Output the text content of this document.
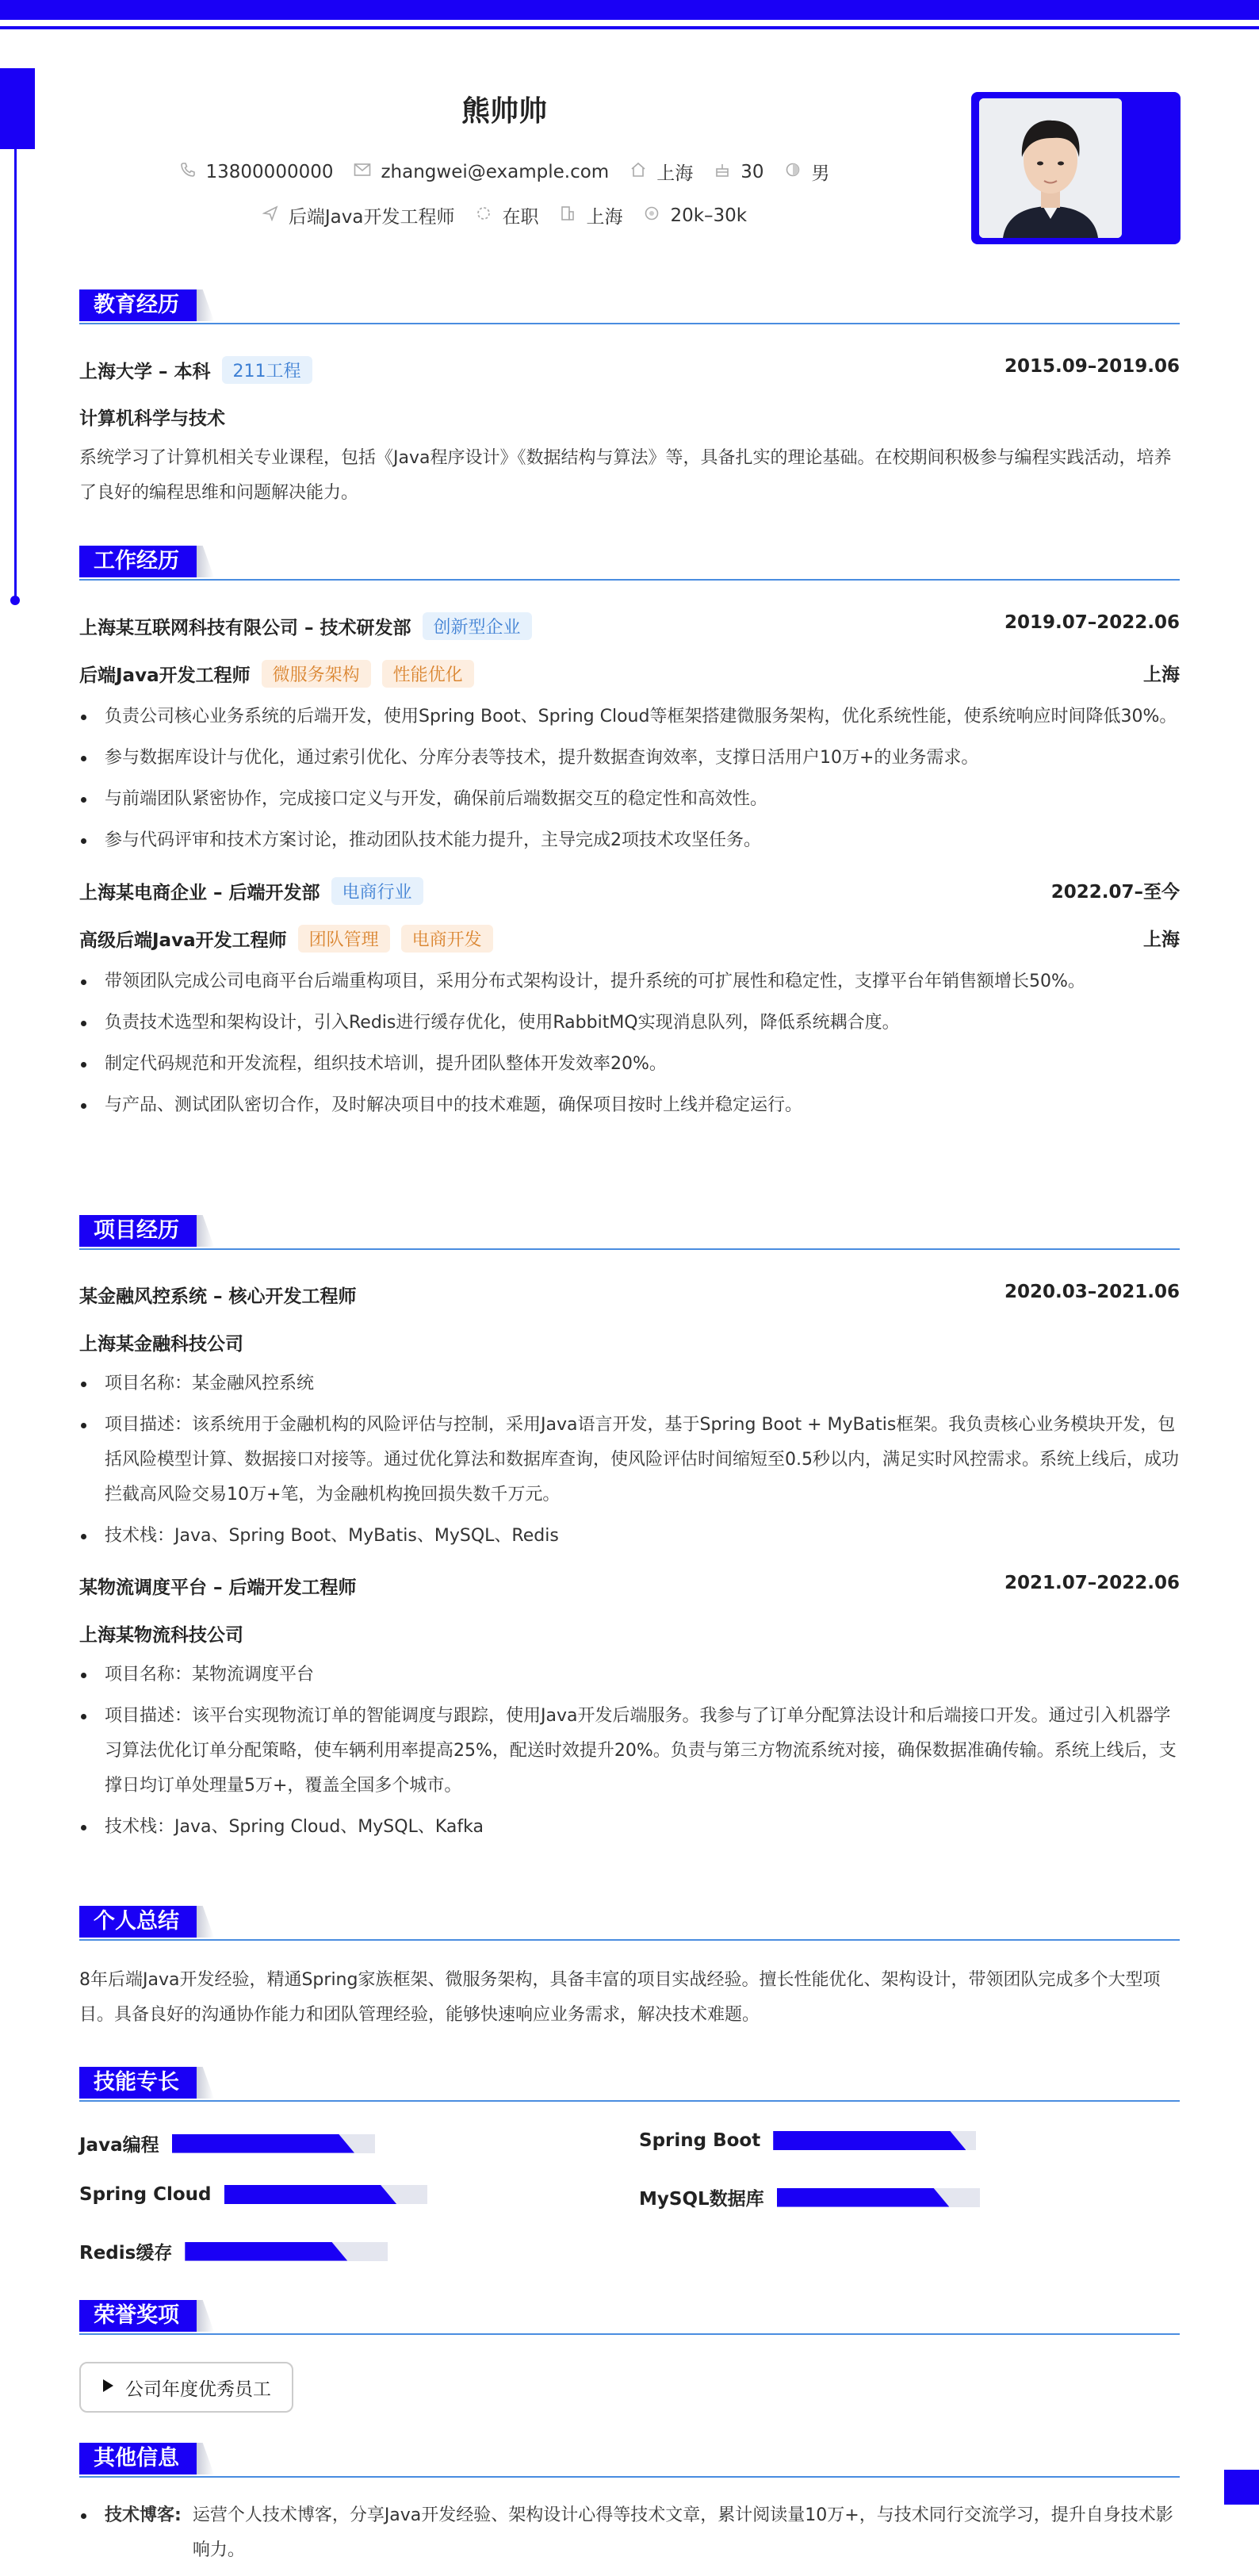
熊帅帅
13800000000	zhangwei@example.com	上海	30	男
后端Java开发工程师	在职	上海	20k–30k
教育经历
上海大学 – 本科	211工程	2015.09–2019.06
计算机科学与技术
系统学习了计算机相关专业课程，包括《Java程序设计》《数据结构与算法》等，具备扎实的理论基础。在校期间积极参与编程实践活动，培养了良好的编程思维和问题解决能力。
工作经历
上海某互联网科技有限公司 – 技术研发部	创新型企业	2019.07–2022.06
后端Java开发工程师	微服务架构	性能优化	上海
负责公司核心业务系统的后端开发，使用Spring Boot、Spring Cloud等框架搭建微服务架构，优化系统性能，使系统响应时间降低30%。
参与数据库设计与优化，通过索引优化、分库分表等技术，提升数据查询效率，支撑日活用户10万+的业务需求。
与前端团队紧密协作，完成接口定义与开发，确保前后端数据交互的稳定性和高效性。
参与代码评审和技术方案讨论，推动团队技术能力提升，主导完成2项技术攻坚任务。
上海某电商企业 – 后端开发部	电商行业	2022.07–至今
高级后端Java开发工程师	团队管理	电商开发	上海
带领团队完成公司电商平台后端重构项目，采用分布式架构设计，提升系统的可扩展性和稳定性，支撑平台年销售额增长50%。
负责技术选型和架构设计，引入Redis进行缓存优化，使用RabbitMQ实现消息队列，降低系统耦合度。
制定代码规范和开发流程，组织技术培训，提升团队整体开发效率20%。
与产品、测试团队密切合作，及时解决项目中的技术难题，确保项目按时上线并稳定运行。
项目经历
某金融风控系统 – 核心开发工程师	2020.03–2021.06
上海某金融科技公司
项目名称：某金融风控系统
项目描述：该系统用于金融机构的风险评估与控制，采用Java语言开发，基于Spring Boot + MyBatis框架。我负责核心业务模块开发，包括风险模型计算、数据接口对接等。通过优化算法和数据库查询，使风险评估时间缩短至0.5秒以内，满足实时风控需求。系统上线后，成功拦截高风险交易10万+笔，为金融机构挽回损失数千万元。
技术栈：Java、Spring Boot、MyBatis、MySQL、Redis
某物流调度平台 – 后端开发工程师	2021.07–2022.06
上海某物流科技公司
项目名称：某物流调度平台
项目描述：该平台实现物流订单的智能调度与跟踪，使用Java开发后端服务。我参与了订单分配算法设计和后端接口开发。通过引入机器学习算法优化订单分配策略，使车辆利用率提高25%，配送时效提升20%。负责与第三方物流系统对接，确保数据准确传输。系统上线后，支撑日均订单处理量5万+，覆盖全国多个城市。
技术栈：Java、Spring Cloud、MySQL、Kafka
个人总结
8年后端Java开发经验，精通Spring家族框架、微服务架构，具备丰富的项目实战经验。擅长性能优化、架构设计，带领团队完成多个大型项目。具备良好的沟通协作能力和团队管理经验，能够快速响应业务需求，解决技术难题。
技能专长
Java编程	Spring Boot
Spring Cloud	MySQL数据库
Redis缓存
荣誉奖项
公司年度优秀员工
其他信息
技术博客: 运营个人技术博客，分享Java开发经验、架构设计心得等技术文章，累计阅读量10万+，与技术同行交流学习，提升自身技术影响力。
